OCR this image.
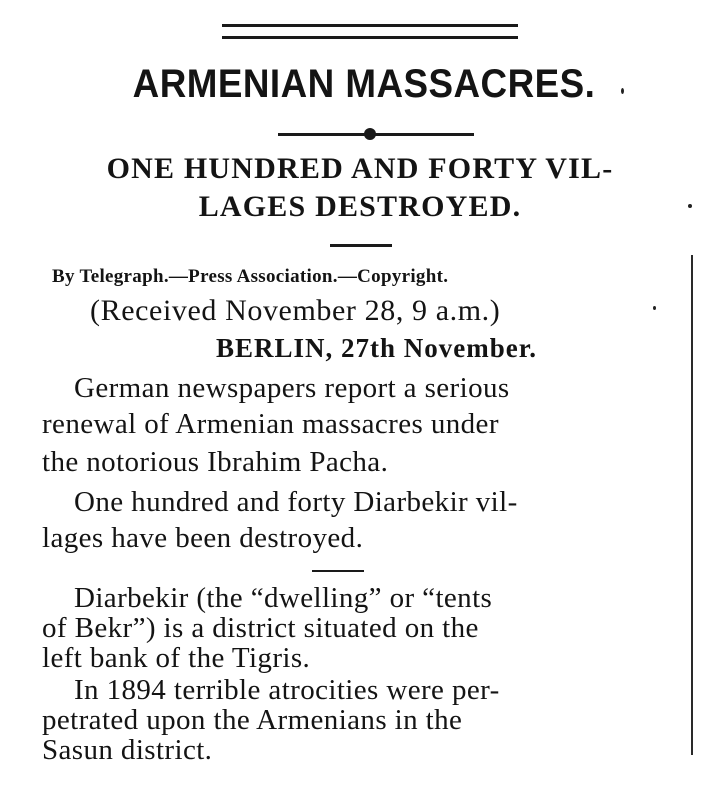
ARMENIAN MASSACRES.
ONE HUNDRED AND FORTY VIL-
LAGES DESTROYED.
By Telegraph.—Press Association.—Copyright.
(Received November 28, 9 a.m.)
BERLIN, 27th November.
German newspapers report a serious
renewal of Armenian massacres under
the notorious Ibrahim Pacha.
One hundred and forty Diarbekir vil-
lages have been destroyed.
Diarbekir (the “dwelling” or “tents
of Bekr”) is a district situated on the
left bank of the Tigris.
In 1894 terrible atrocities were per-
petrated upon the Armenians in the
Sasun district.
